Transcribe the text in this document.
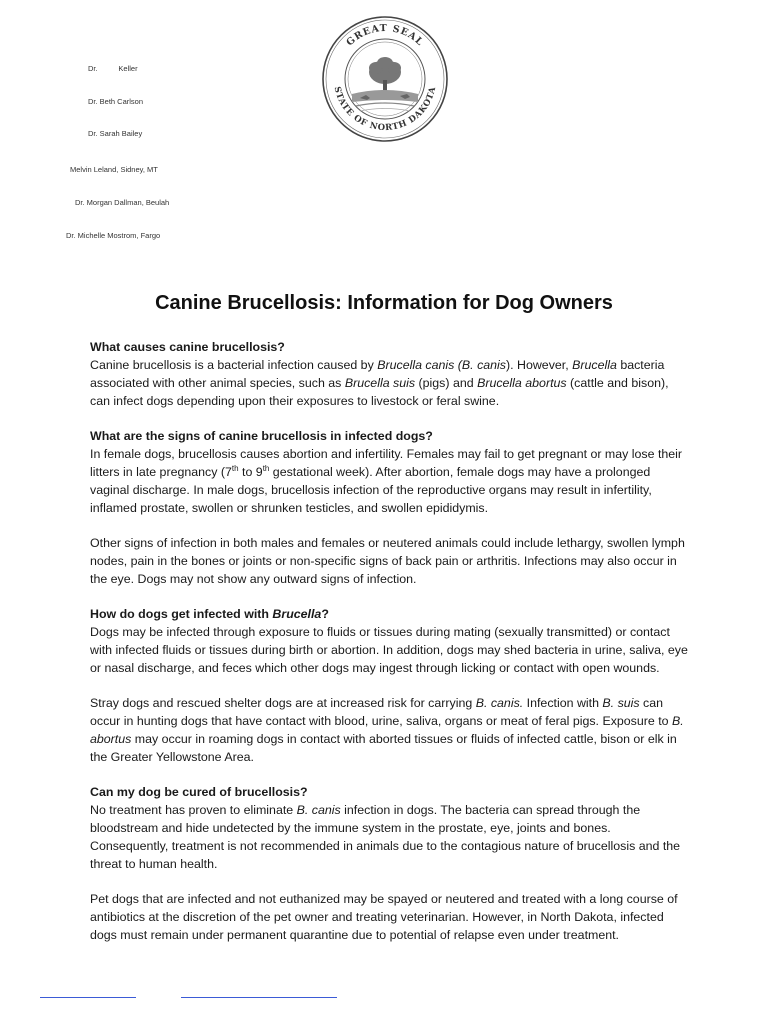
GREAT SEAL
STATE OF NORTH DAKOTA
Dr.          Keller
Dr. Beth Carlson
Dr. Sarah Bailey
Melvin Leland, Sidney, MT
Dr. Morgan Dallman, Beulah
Dr. Michelle Mostrom, Fargo
Canine Brucellosis: Information for Dog Owners
What causes canine brucellosis?

Canine brucellosis is a bacterial infection caused by Brucella canis (B. canis). However, Brucella bacteria associated with other animal species, such as Brucella suis (pigs) and Brucella abortus (cattle and bison), can infect dogs depending upon their exposures to livestock or feral swine.

What are the signs of canine brucellosis in infected dogs?

In female dogs, brucellosis causes abortion and infertility. Females may fail to get pregnant or may lose their litters in late pregnancy (7th to 9th gestational week). After abortion, female dogs may have a prolonged vaginal discharge. In male dogs, brucellosis infection of the reproductive organs may result in infertility, inflamed prostate, swollen or shrunken testicles, and swollen epididymis.

Other signs of infection in both males and females or neutered animals could include lethargy, swollen lymph nodes, pain in the bones or joints or non-specific signs of back pain or arthritis. Infections may also occur in the eye. Dogs may not show any outward signs of infection.

How do dogs get infected with Brucella?

Dogs may be infected through exposure to fluids or tissues during mating (sexually transmitted) or contact with infected fluids or tissues during birth or abortion. In addition, dogs may shed bacteria in urine, saliva, eye or nasal discharge, and feces which other dogs may ingest through licking or contact with open wounds.

Stray dogs and rescued shelter dogs are at increased risk for carrying B. canis. Infection with B. suis can occur in hunting dogs that have contact with blood, urine, saliva, organs or meat of feral pigs. Exposure to B. abortus may occur in roaming dogs in contact with aborted tissues or fluids of infected cattle, bison or elk in the Greater Yellowstone Area.

Can my dog be cured of brucellosis?

No treatment has proven to eliminate B. canis infection in dogs. The bacteria can spread through the bloodstream and hide undetected by the immune system in the prostate, eye, joints and bones. Consequently, treatment is not recommended in animals due to the contagious nature of brucellosis and the threat to human health.

Pet dogs that are infected and not euthanized may be spayed or neutered and treated with a long course of antibiotics at the discretion of the pet owner and treating veterinarian. However, in North Dakota, infected dogs must remain under permanent quarantine due to potential of relapse even under treatment.
